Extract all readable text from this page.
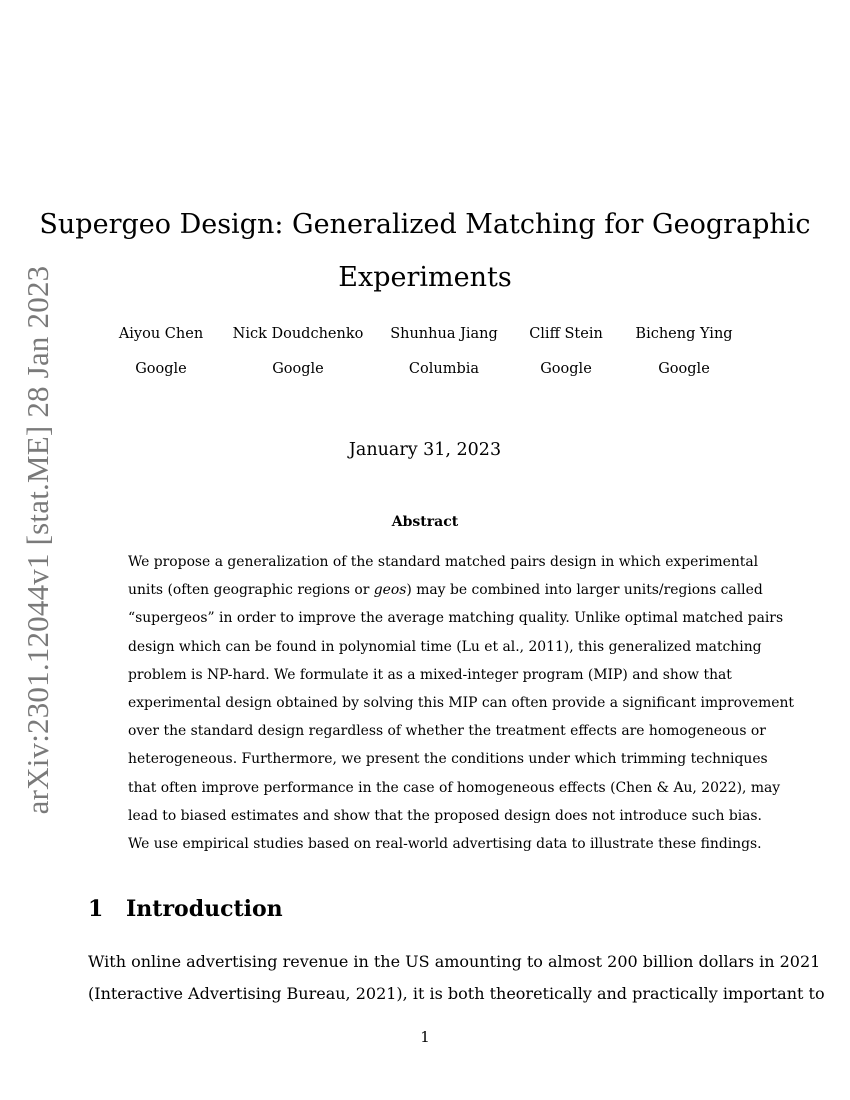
arXiv:2301.12044v1 [stat.ME] 28 Jan 2023
Supergeo Design: Generalized Matching for Geographic
Experiments
Aiyou Chen
Google
Nick Doudchenko
Google
Shunhua Jiang
Columbia
Cliff Stein
Google
Bicheng Ying
Google
January 31, 2023
Abstract
We propose a generalization of the standard matched pairs design in which experimental
units (often geographic regions or geos) may be combined into larger units/regions called
“supergeos” in order to improve the average matching quality. Unlike optimal matched pairs
design which can be found in polynomial time (Lu et al., 2011), this generalized matching
problem is NP-hard. We formulate it as a mixed-integer program (MIP) and show that
experimental design obtained by solving this MIP can often provide a significant improvement
over the standard design regardless of whether the treatment effects are homogeneous or
heterogeneous. Furthermore, we present the conditions under which trimming techniques
that often improve performance in the case of homogeneous effects (Chen & Au, 2022), may
lead to biased estimates and show that the proposed design does not introduce such bias.
We use empirical studies based on real-world advertising data to illustrate these findings.
1 Introduction
With online advertising revenue in the US amounting to almost 200 billion dollars in 2021
(Interactive Advertising Bureau, 2021), it is both theoretically and practically important to
1
